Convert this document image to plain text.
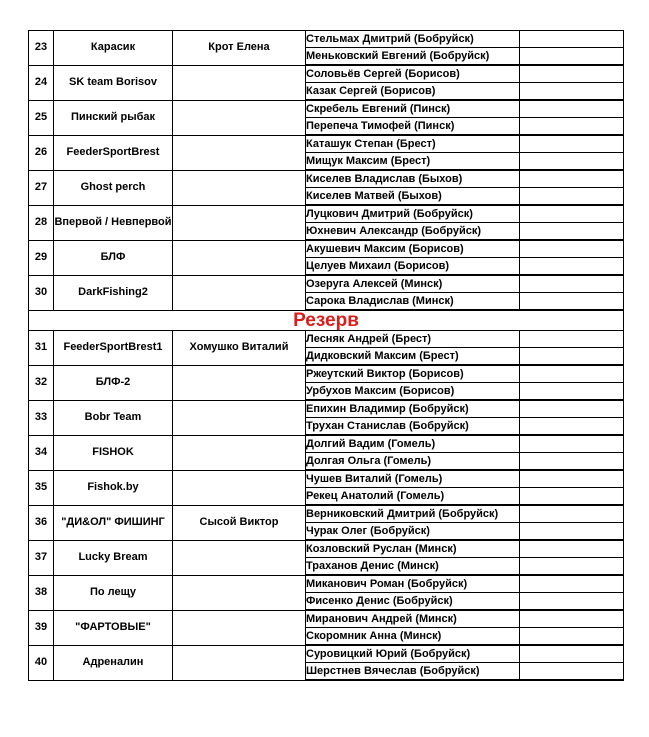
23	Карасик	Крот Елена	Стельмах Дмитрий (Бобруйск)	
			Меньковский Евгений (Бобруйск)	
24	SK team Borisov		Соловьёв Сергей (Борисов)	
			Казак Сергей (Борисов)	
25	Пинский рыбак		Скребель Евгений (Пинск)	
			Перепеча Тимофей (Пинск)	
26	FeederSportBrest		Каташук Степан (Брест)	
			Мищук Максим (Брест)	
27	Ghost perch		Киселев Владислав (Быхов)	
			Киселев Матвей (Быхов)	
28	Впервой / Невпервой		Луцкович Дмитрий (Бобруйск)	
			Юхневич Александр (Бобруйск)	
29	БЛФ		Акушевич Максим (Борисов)	
			Целуев Михаил (Борисов)	
30	DarkFishing2		Озеруга Алексей (Минск)	
			Сарока Владислав (Минск)	
Резерв				
31	FeederSportBrest1	Хомушко Виталий	Лесняк Андрей (Брест)	
			Дидковский Максим (Брест)	
32	БЛФ-2		Ржеутский Виктор (Борисов)	
			Урбухов Максим (Борисов)	
33	Bobr Team		Епихин Владимир (Бобруйск)	
			Трухан Станислав (Бобруйск)	
34	FISHOK		Долгий Вадим (Гомель)	
			Долгая Ольга (Гомель)	
35	Fishok.by		Чушев Виталий (Гомель)	
			Рекец Анатолий (Гомель)	
36	"ДИ&ОЛ" ФИШИНГ	Сысой Виктор	Верниковский Дмитрий (Бобруйск)	
			Чурак Олег (Бобруйск)	
37	Lucky Bream		Козловский Руслан (Минск)	
			Траханов Денис (Минск)	
38	По лещу		Миканович Роман (Бобруйск)	
			Фисенко Денис (Бобруйск)	
39	"ФАРТОВЫЕ"		Миранович Андрей (Минск)	
			Скоромник Анна (Минск)	
40	Адреналин		Суровицкий Юрий (Бобруйск)	
			Шерстнев Вячеслав (Бобруйск)	
